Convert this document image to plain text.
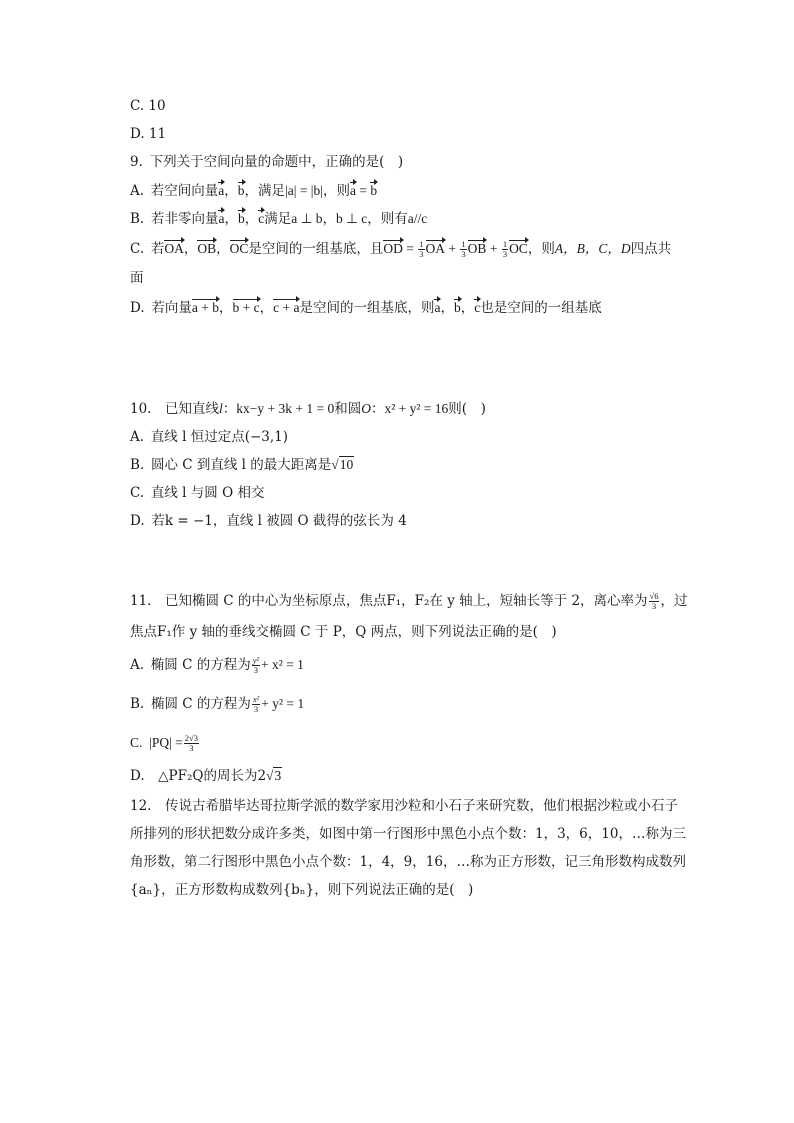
C. 10
D. 11
9. 下列关于空间向量的命题中，正确的是( )
A. 若空间向量a，b，满足|a| = |b|，则a = b
B. 若非零向量a，b，c满足a ⊥ b，b ⊥ c，则有a//c
C. 若OA，OB，OC是空间的一组基底，且OD = $\frac{1}{3}$ OA + $\frac{1}{3}$ OB + $\frac{1}{3}$ OC，则A，B，C，D四点共
面
D. 若向量a + b，b + c，c + a是空间的一组基底，则a，b，c也是空间的一组基底
10.  已知直线l：kx−y + 3k + 1 = 0和圆O：x² + y² = 16则( )
A. 直线 l 恒过定点(−3,1)
B. 圆心 C 到直线 l 的最大距离是√10
C. 直线 l 与圆 O 相交
D. 若k = −1，直线 l 被圆 O 截得的弦长为 4
11.  已知椭圆 C 的中心为坐标原点，焦点F₁，F₂在 y 轴上，短轴长等于 2，离心率为 $\frac{√6}{3}$ ，过
焦点F₁作 y 轴的垂线交椭圆 C 于 P，Q 两点，则下列说法正确的是( )
A. 椭圆 C 的方程为 $\frac{\text{y²}}{3} + x^2 = 1$
B. 椭圆 C 的方程为 $\frac{\text{x²}}{3} + y^2 = 1$
C. $|PQ| = \frac{2√3}{3}$
D.  △PF₂Q的周长为2√3
12.  传说古希腊毕达哥拉斯学派的数学家用沙粒和小石子来研究数，他们根据沙粒或小石子
所排列的形状把数分成许多类，如图中第一行图形中黑色小点个数：1，3，6，10，…称为三
角形数，第二行图形中黑色小点个数：1，4，9，16，…称为正方形数，记三角形数构成数列
{aₙ}，正方形数构成数列{bₙ}，则下列说法正确的是( )
